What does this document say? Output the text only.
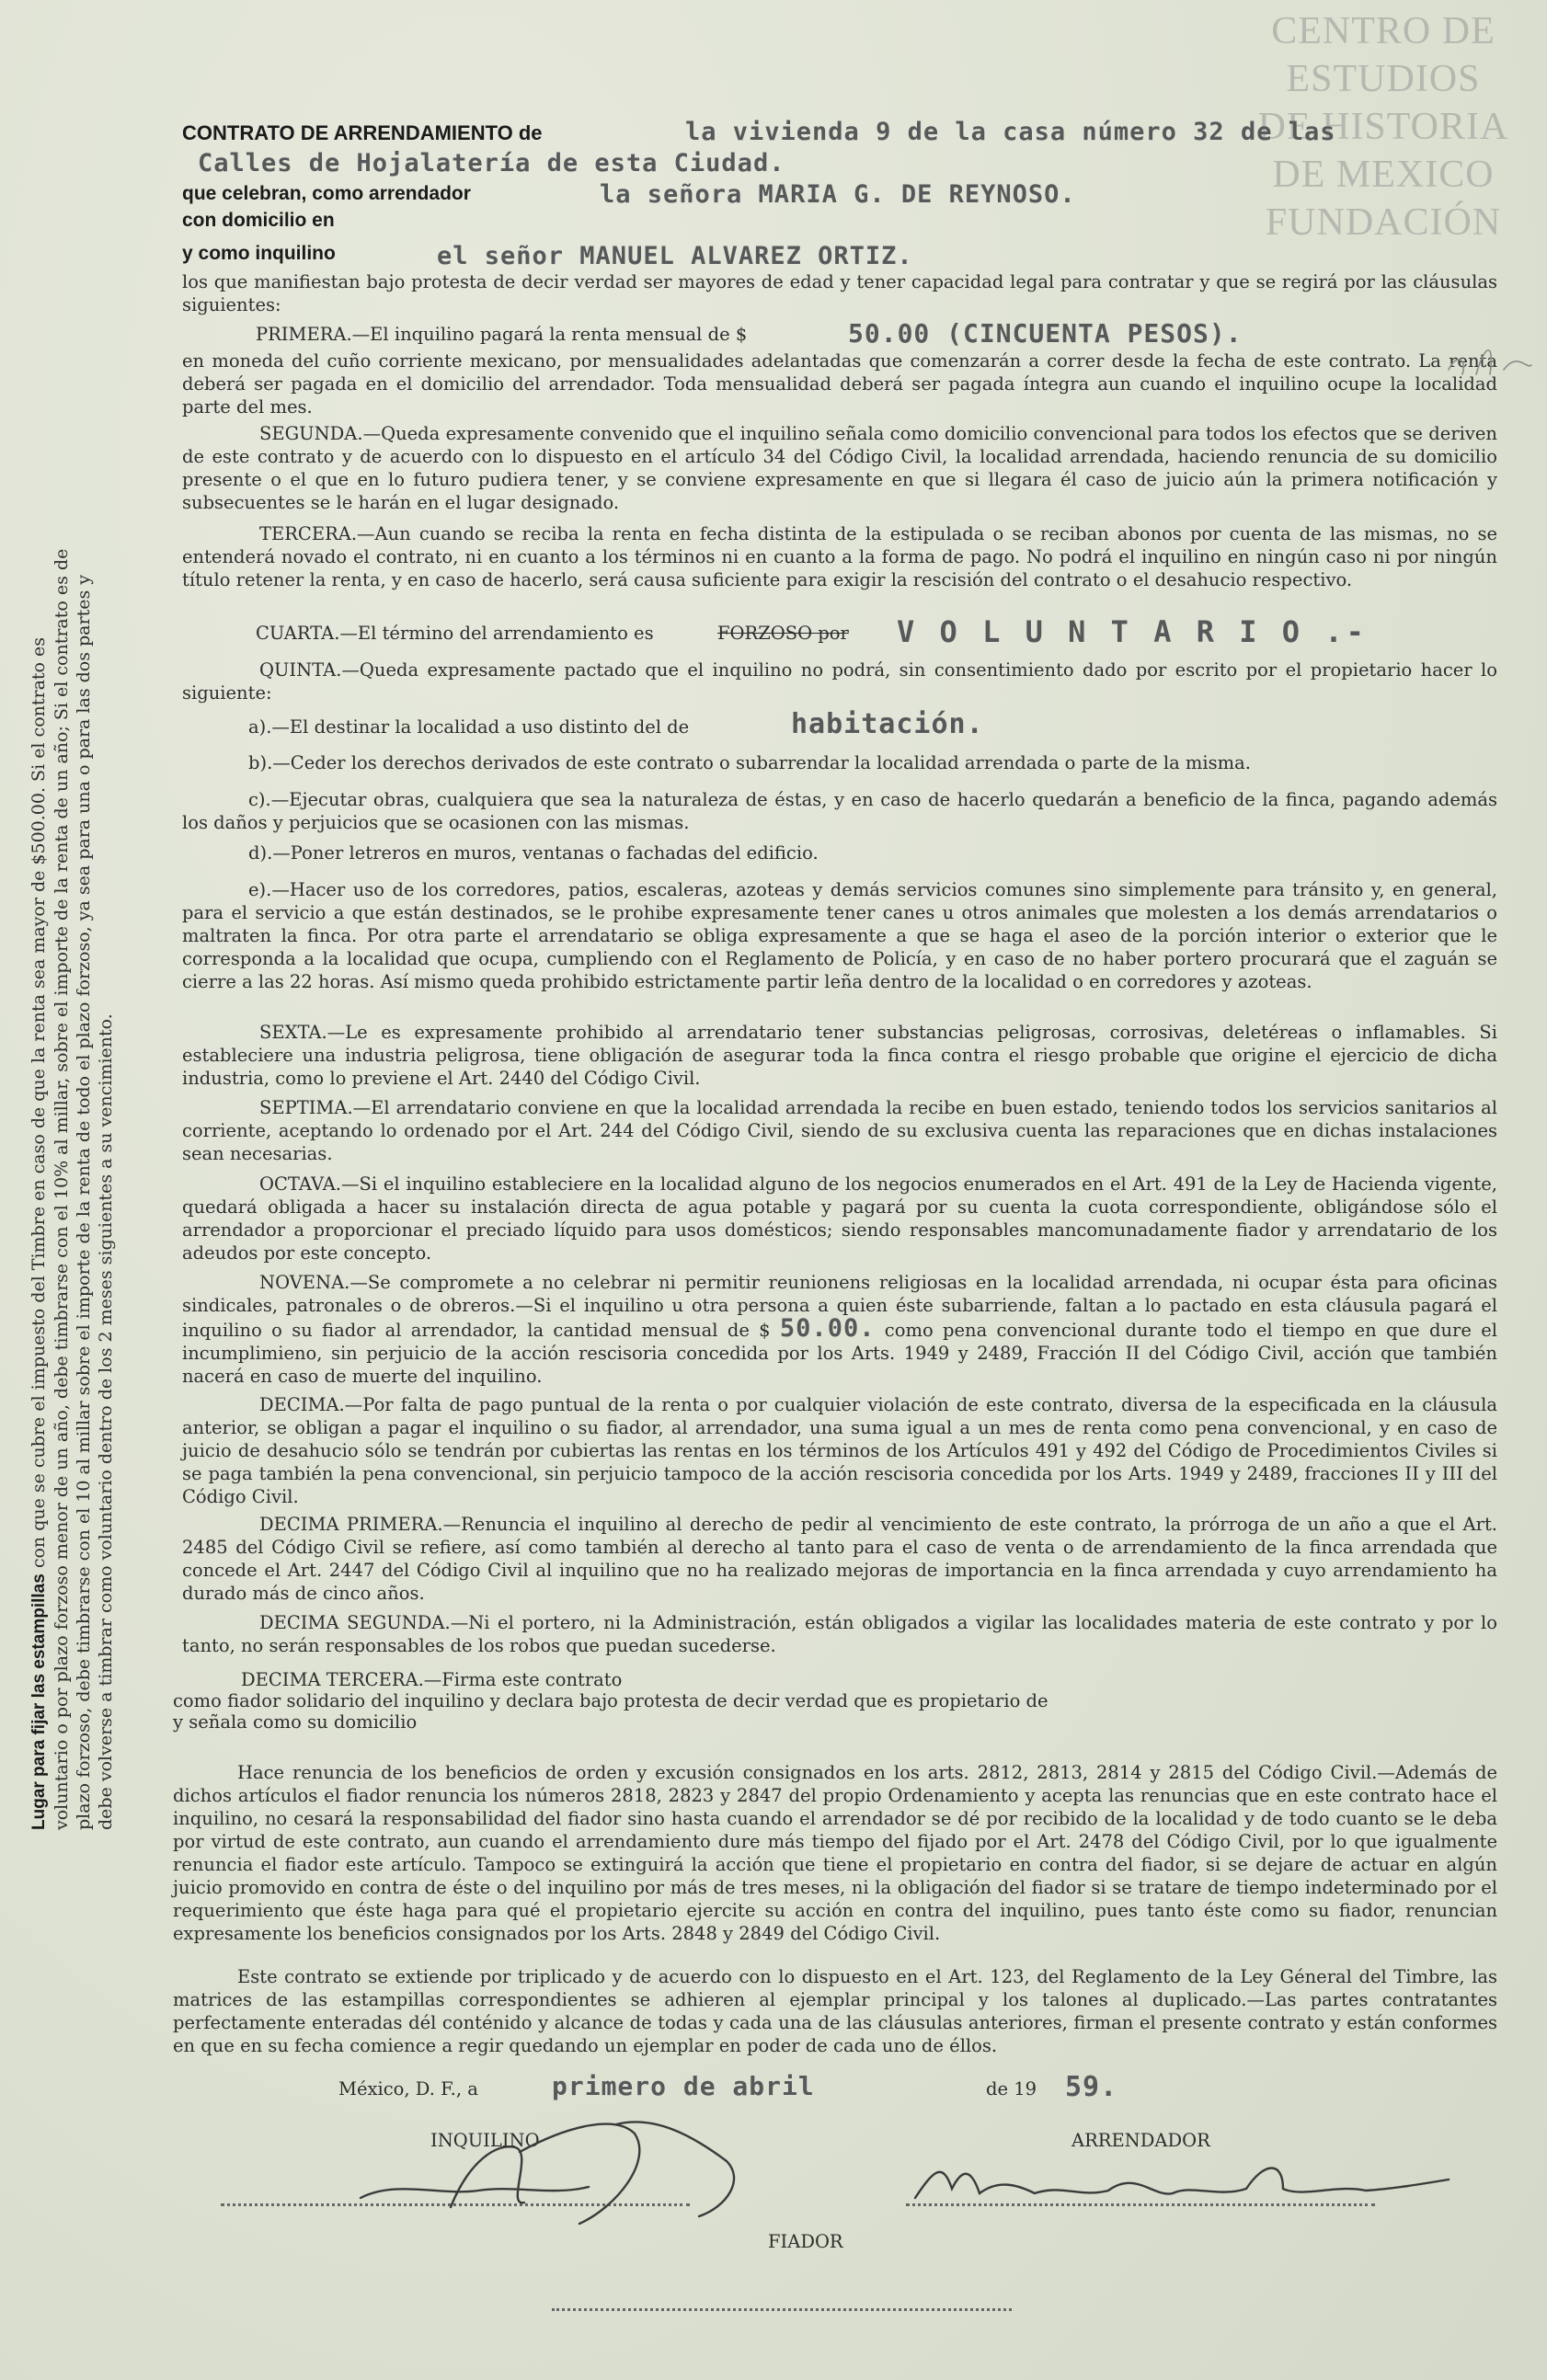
CENTRO DE
ESTUDIOS
DE HISTORIA
DE MEXICO
FUNDACIÓN
Lugar para fijar las estampillas con que se cubre el impuesto del Timbre en caso de que la renta sea mayor de $500.00. Si el contrato es voluntario o por plazo forzoso menor de un año, debe timbrarse con el 10% al millar, sobre el importe de la renta de un año; Si el contrato es de plazo forzoso, debe timbrarse con el 10 al millar sobre el importe de la renta de todo el plazo forzoso, ya sea para una o para las dos partes y debe volverse a timbrar como voluntario dentro de los 2 meses siguientes a su vencimiento.
CONTRATO DE ARRENDAMIENTO de	la vivienda 9 de la casa número 32 de las
Calles de Hojalatería de esta Ciudad.
que celebran, como arrendador	la señora MARIA G. DE REYNOSO.
con domicilio en
y como inquilino	el señor MANUEL ALVAREZ ORTIZ.
los que manifiestan bajo protesta de decir verdad ser mayores de edad y tener capacidad legal para contratar y que se regirá por las cláusulas siguientes:
PRIMERA.—El inquilino pagará la renta mensual de $	50.00 (CINCUENTA PESOS).
en moneda del cuño corriente mexicano, por mensualidades adelantadas que comenzarán a correr desde la fecha de este contrato. La renta deberá ser pagada en el domicilio del arrendador. Toda mensualidad deberá ser pagada íntegra aun cuando el inquilino ocupe la localidad parte del mes.
SEGUNDA.—Queda expresamente convenido que el inquilino señala como domicilio convencional para todos los efectos que se deriven de este contrato y de acuerdo con lo dispuesto en el artículo 34 del Código Civil, la localidad arrendada, haciendo renuncia de su domicilio presente o el que en lo futuro pudiera tener, y se conviene expresamente en que si llegara él caso de juicio aún la primera notificación y subsecuentes se le harán en el lugar designado.
TERCERA.—Aun cuando se reciba la renta en fecha distinta de la estipulada o se reciban abonos por cuenta de las mismas, no se entenderá novado el contrato, ni en cuanto a los términos ni en cuanto a la forma de pago. No podrá el inquilino en ningún caso ni por ningún título retener la renta, y en caso de hacerlo, será causa suficiente para exigir la rescisión del contrato o el desahucio respectivo.
CUARTA.—El término del arrendamiento es	FORZOSO por V O L U N T A R I O .-
QUINTA.—Queda expresamente pactado que el inquilino no podrá, sin consentimiento dado por escrito por el propietario hacer lo siguiente:
a).—El destinar la localidad a uso distinto del de	habitación.
b).—Ceder los derechos derivados de este contrato o subarrendar la localidad arrendada o parte de la misma.
c).—Ejecutar obras, cualquiera que sea la naturaleza de éstas, y en caso de hacerlo quedarán a beneficio de la finca, pagando además los daños y perjuicios que se ocasionen con las mismas.
d).—Poner letreros en muros, ventanas o fachadas del edificio.
e).—Hacer uso de los corredores, patios, escaleras, azoteas y demás servicios comunes sino simplemente para tránsito y, en general, para el servicio a que están destinados, se le prohibe expresamente tener canes u otros animales que molesten a los demás arrendatarios o maltraten la finca. Por otra parte el arrendatario se obliga expresamente a que se haga el aseo de la porción interior o exterior que le corresponda a la localidad que ocupa, cumpliendo con el Reglamento de Policía, y en caso de no haber portero procurará que el zaguán se cierre a las 22 horas. Así mismo queda prohibido estrictamente partir leña dentro de la localidad o en corredores y azoteas.
SEXTA.—Le es expresamente prohibido al arrendatario tener substancias peligrosas, corrosivas, deletéreas o inflamables. Si estableciere una industria peligrosa, tiene obligación de asegurar toda la finca contra el riesgo probable que origine el ejercicio de dicha industria, como lo previene el Art. 2440 del Código Civil.
SEPTIMA.—El arrendatario conviene en que la localidad arrendada la recibe en buen estado, teniendo todos los servicios sanitarios al corriente, aceptando lo ordenado por el Art. 244 del Código Civil, siendo de su exclusiva cuenta las reparaciones que en dichas instalaciones sean necesarias.
OCTAVA.—Si el inquilino estableciere en la localidad alguno de los negocios enumerados en el Art. 491 de la Ley de Hacienda vigente, quedará obligada a hacer su instalación directa de agua potable y pagará por su cuenta la cuota correspondiente, obligándose sólo el arrendador a proporcionar el preciado líquido para usos domésticos; siendo responsables mancomunadamente fiador y arrendatario de los adeudos por este concepto.
NOVENA.—Se compromete a no celebrar ni permitir reunionens religiosas en la localidad arrendada, ni ocupar ésta para oficinas sindicales, patronales o de obreros.—Si el inquilino u otra persona a quien éste subarriende, faltan a lo pactado en esta cláusula pagará el inquilino o su fiador al arrendador, la cantidad mensual de $ 50.00. como pena convencional durante todo el tiempo en que dure el incumplimieno, sin perjuicio de la acción rescisoria concedida por los Arts. 1949 y 2489, Fracción II del Código Civil, acción que también nacerá en caso de muerte del inquilino.
DECIMA.—Por falta de pago puntual de la renta o por cualquier violación de este contrato, diversa de la especificada en la cláusula anterior, se obligan a pagar el inquilino o su fiador, al arrendador, una suma igual a un mes de renta como pena convencional, y en caso de juicio de desahucio sólo se tendrán por cubiertas las rentas en los términos de los Artículos 491 y 492 del Código de Procedimientos Civiles si se paga también la pena convencional, sin perjuicio tampoco de la acción rescisoria concedida por los Arts. 1949 y 2489, fracciones II y III del Código Civil.
DECIMA PRIMERA.—Renuncia el inquilino al derecho de pedir al vencimiento de este contrato, la prórroga de un año a que el Art. 2485 del Código Civil se refiere, así como también al derecho al tanto para el caso de venta o de arrendamiento de la finca arrendada que concede el Art. 2447 del Código Civil al inquilino que no ha realizado mejoras de importancia en la finca arrendada y cuyo arrendamiento ha durado más de cinco años.
DECIMA SEGUNDA.—Ni el portero, ni la Administración, están obligados a vigilar las localidades materia de este contrato y por lo tanto, no serán responsables de los robos que puedan sucederse.
DECIMA TERCERA.—Firma este contrato
como fiador solidario del inquilino y declara bajo protesta de decir verdad que es propietario de
y señala como su domicilio
Hace renuncia de los beneficios de orden y excusión consignados en los arts. 2812, 2813, 2814 y 2815 del Código Civil.—Además de dichos artículos el fiador renuncia los números 2818, 2823 y 2847 del propio Ordenamiento y acepta las renuncias que en este contrato hace el inquilino, no cesará la responsabilidad del fiador sino hasta cuando el arrendador se dé por recibido de la localidad y de todo cuanto se le deba por virtud de este contrato, aun cuando el arrendamiento dure más tiempo del fijado por el Art. 2478 del Código Civil, por lo que igualmente renuncia el fiador este artículo. Tampoco se extinguirá la acción que tiene el propietario en contra del fiador, si se dejare de actuar en algún juicio promovido en contra de éste o del inquilino por más de tres meses, ni la obligación del fiador si se tratare de tiempo indeterminado por el requerimiento que éste haga para qué el propietario ejercite su acción en contra del inquilino, pues tanto éste como su fiador, renuncian expresamente los beneficios consignados por los Arts. 2848 y 2849 del Código Civil.
Este contrato se extiende por triplicado y de acuerdo con lo dispuesto en el Art. 123, del Reglamento de la Ley Géneral del Timbre, las matrices de las estampillas correspondientes se adhieren al ejemplar principal y los talones al duplicado.—Las partes contratantes perfectamente enteradas dél conténido y alcance de todas y cada una de las cláusulas anteriores, firman el presente contrato y están conformes en que en su fecha comience a regir quedando un ejemplar en poder de cada uno de éllos.
México, D. F., a	primero de abril	de 19 59.
INQUILINO	ARRENDADOR
FIADOR
